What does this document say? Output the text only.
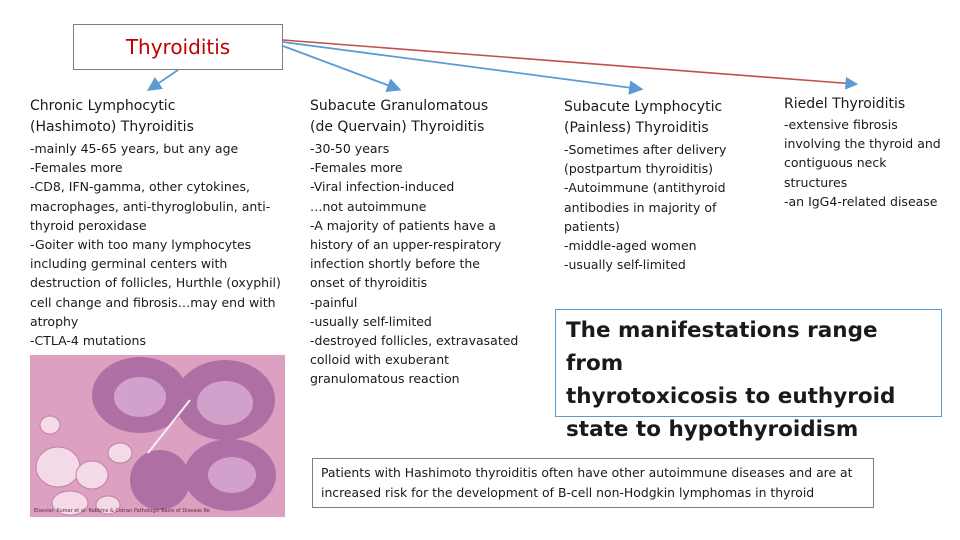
Thyroiditis
Chronic Lymphocytic
(Hashimoto) Thyroiditis
-mainly 45-65 years, but any age
-Females more
-CD8, IFN-gamma, other cytokines,
macrophages, anti-thyroglobulin, anti-
thyroid peroxidase
-Goiter with too many lymphocytes
including germinal centers with
destruction of follicles, Hurthle (oxyphil)
cell change and fibrosis…may end with
atrophy
-CTLA-4 mutations
Subacute Granulomatous
(de Quervain) Thyroiditis
-30-50 years
-Females more
-Viral infection-induced
…not autoimmune
-A majority of patients have a
history of an upper-respiratory
infection shortly before the
onset of thyroiditis
-painful
-usually self-limited
-destroyed follicles, extravasated
colloid with exuberant
granulomatous reaction
Subacute Lymphocytic
(Painless) Thyroiditis
-Sometimes after delivery
(postpartum thyroiditis)
-Autoimmune (antithyroid
antibodies in majority of
patients)
-middle-aged women
-usually self-limited
Riedel Thyroiditis
-extensive fibrosis
involving the thyroid and
contiguous neck
structures
-an IgG4-related disease
Elsevier. Kumar et al: Robbins & Cotran Pathologic Basis of Disease 8e
The manifestations range from
thyrotoxicosis to euthyroid
state to hypothyroidism
Patients with Hashimoto thyroiditis often have other autoimmune diseases and are at increased risk for the development of B-cell non-Hodgkin lymphomas in thyroid
